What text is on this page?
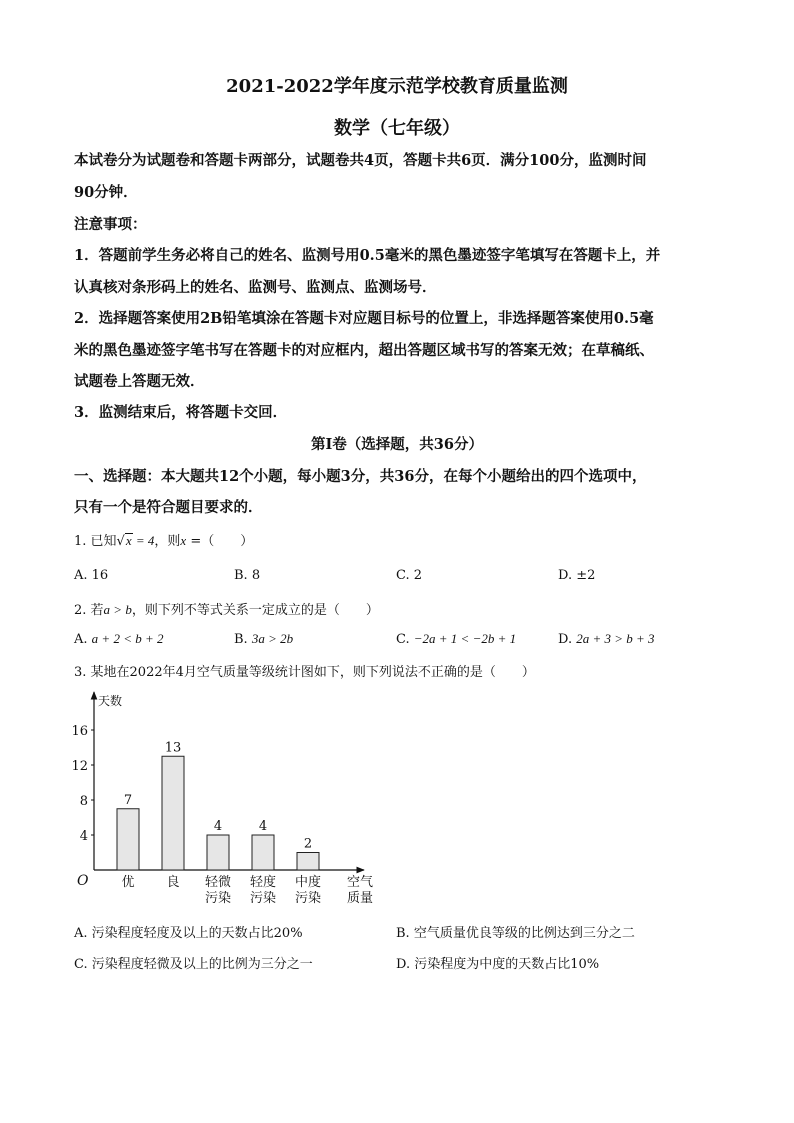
2021-2022学年度示范学校教育质量监测
数学（七年级）
本试卷分为试题卷和答题卡两部分，试题卷共4页，答题卡共6页．满分100分，监测时间
90分钟．
注意事项：
1．答题前学生务必将自己的姓名、监测号用0.5毫米的黑色墨迹签字笔填写在答题卡上，并
认真核对条形码上的姓名、监测号、监测点、监测场号．
2．选择题答案使用2B铅笔填涂在答题卡对应题目标号的位置上，非选择题答案使用0.5毫
米的黑色墨迹签字笔书写在答题卡的对应框内，超出答题区域书写的答案无效；在草稿纸、
试题卷上答题无效．
3．监测结束后，将答题卡交回．
第Ⅰ卷（选择题，共36分）
一、选择题：本大题共12个小题，每小题3分，共36分，在每个小题给出的四个选项中，
只有一个是符合题目要求的．
1. 已知√x = 4，则x =（　　）
A. 16	B. 8	C. 2	D. ±2
2. 若a > b，则下列不等式关系一定成立的是（　　）
A. a + 2 < b + 2	B. 3a > 2b	C. −2a + 1 < −2b + 1	D. 2a + 3 > b + 3
3. 某地在2022年4月空气质量等级统计图如下，则下列说法不正确的是（　　）
4
8
12
16
O
天数
7
优
13
良
4
轻微
污染
4
轻度
污染
2
中度
污染
空气
质量
A. 污染程度轻度及以上的天数占比20%	B. 空气质量优良等级的比例达到三分之二
C. 污染程度轻微及以上的比例为三分之一	D. 污染程度为中度的天数占比10%
